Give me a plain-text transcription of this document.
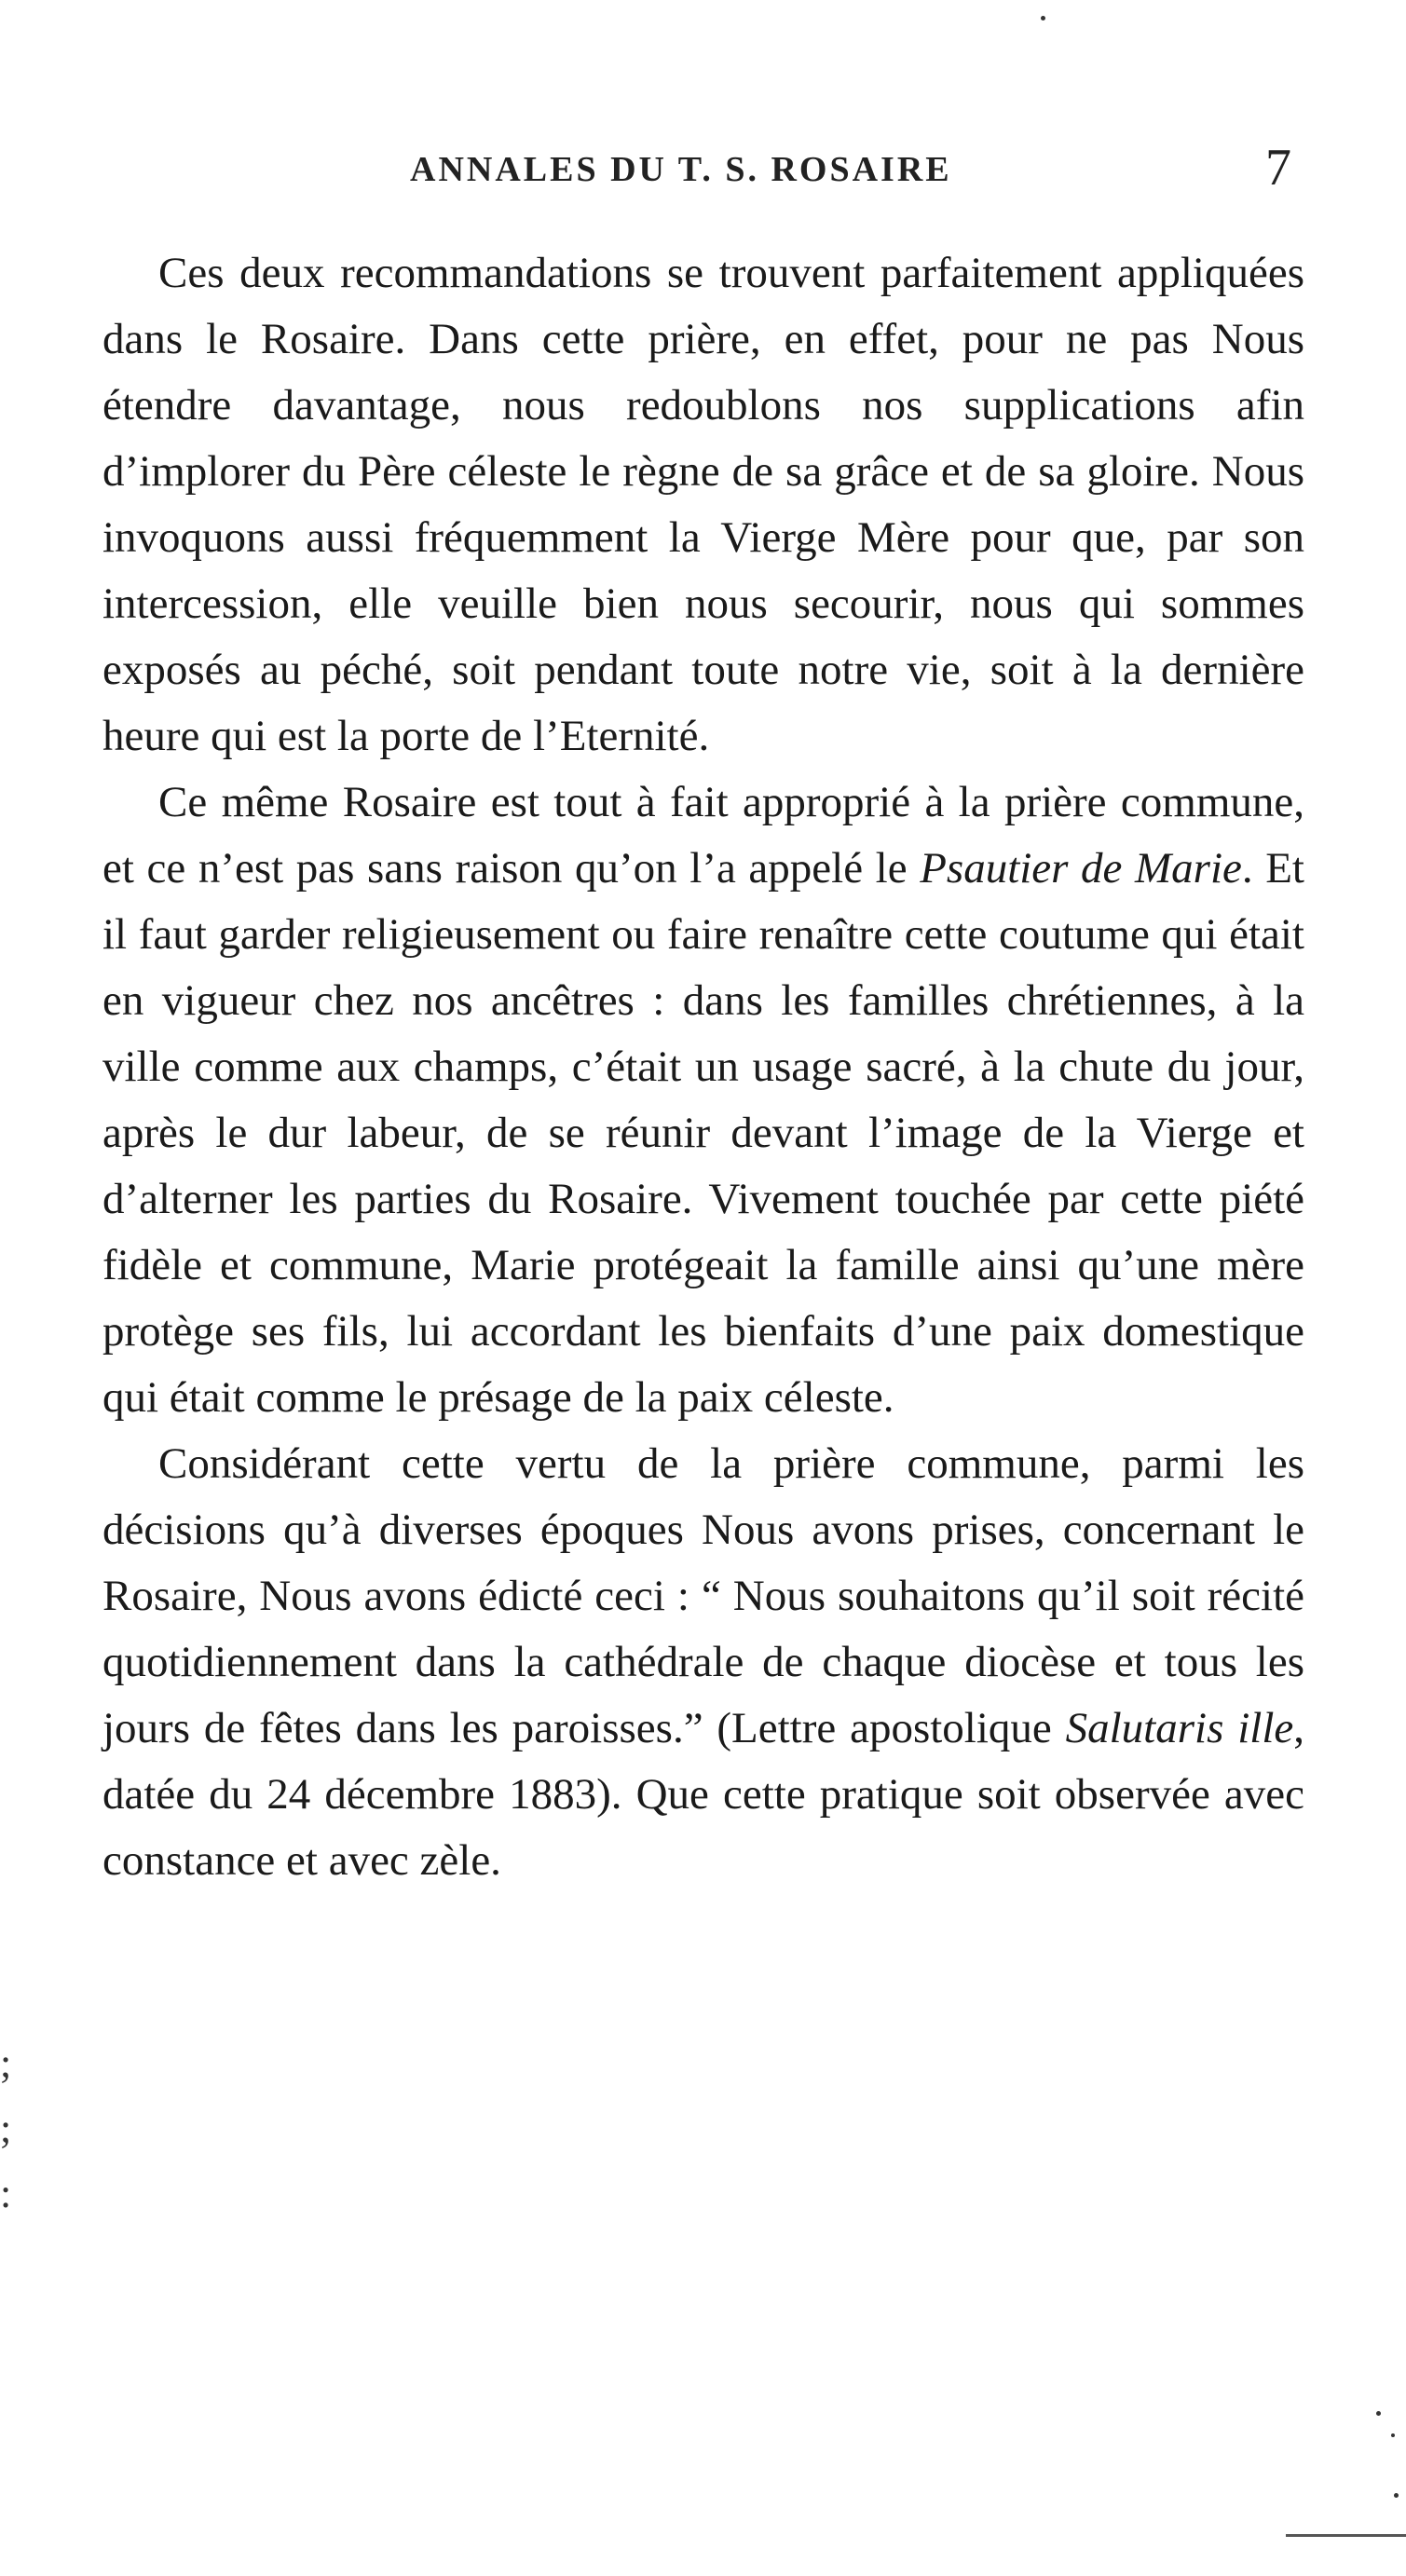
ANNALES DU T. S. ROSAIRE	7

Ces deux recommandations se trouvent parfaitement appliquées dans le Rosaire. Dans cette prière, en effet, pour ne pas Nous étendre davantage, nous redoublons nos supplications afin d’implorer du Père céleste le règne de sa grâce et de sa gloire. Nous invoquons aussi fréquemment la Vierge Mère pour que, par son intercession, elle veuille bien nous secourir, nous qui sommes exposés au péché, soit pendant toute notre vie, soit à la dernière heure qui est la porte de l’Eternité.

Ce même Rosaire est tout à fait approprié à la prière commune, et ce n’est pas sans raison qu’on l’a appelé le Psautier de Marie. Et il faut garder religieusement ou faire renaître cette coutume qui était en vigueur chez nos ancêtres : dans les familles chrétiennes, à la ville comme aux champs, c’était un usage sacré, à la chute du jour, après le dur labeur, de se réunir devant l’image de la Vierge et d’alterner les parties du Rosaire. Vivement touchée par cette piété fidèle et commune, Marie protégeait la famille ainsi qu’une mère protège ses fils, lui accordant les bienfaits d’une paix domestique qui était comme le présage de la paix céleste.

Considérant cette vertu de la prière commune, parmi les décisions qu’à diverses époques Nous avons prises, concernant le Rosaire, Nous avons édicté ceci : “ Nous souhaitons qu’il soit récité quotidiennement dans la cathédrale de chaque diocèse et tous les jours de fêtes dans les paroisses.” (Lettre apostolique Salutaris ille, datée du 24 décembre 1883). Que cette pratique soit observée avec constance et avec zèle.

;
;
:
